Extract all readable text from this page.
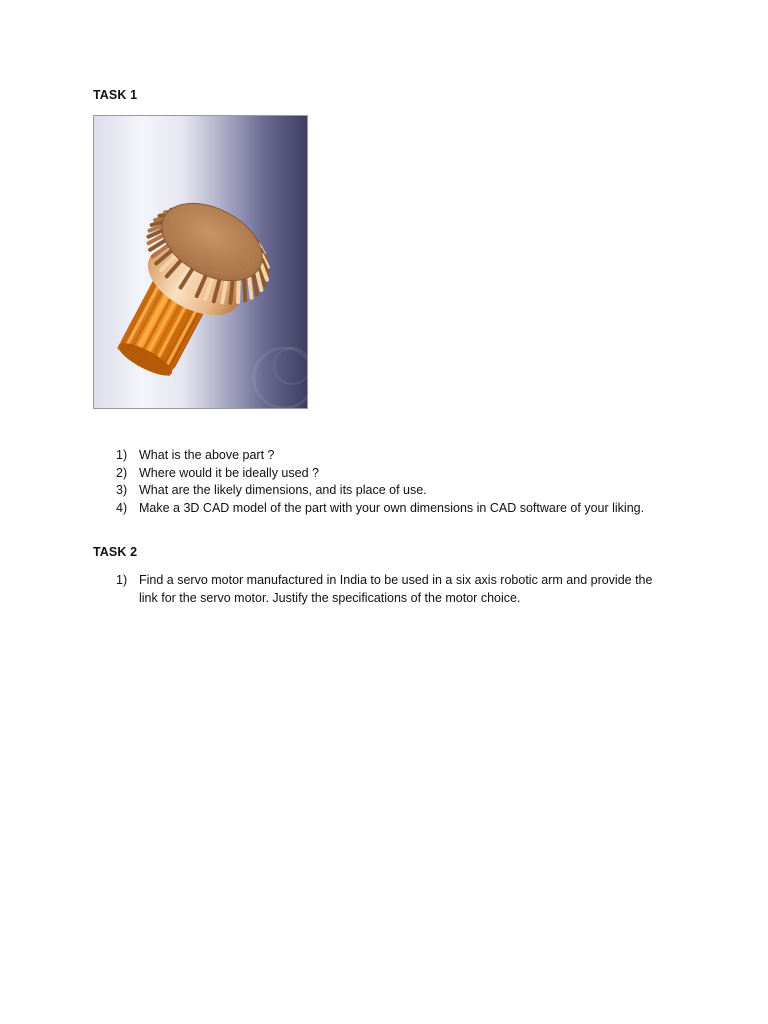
TASK 1
1) What is the above part ?
2) Where would it be ideally used ?
3) What are the likely dimensions, and its place of use.
4) Make a 3D CAD model of the part with your own dimensions in CAD software of your liking.
TASK 2
1) Find a servo motor manufactured in India to be used in a six axis robotic arm and provide the link for the servo motor. Justify the specifications of the motor choice.
